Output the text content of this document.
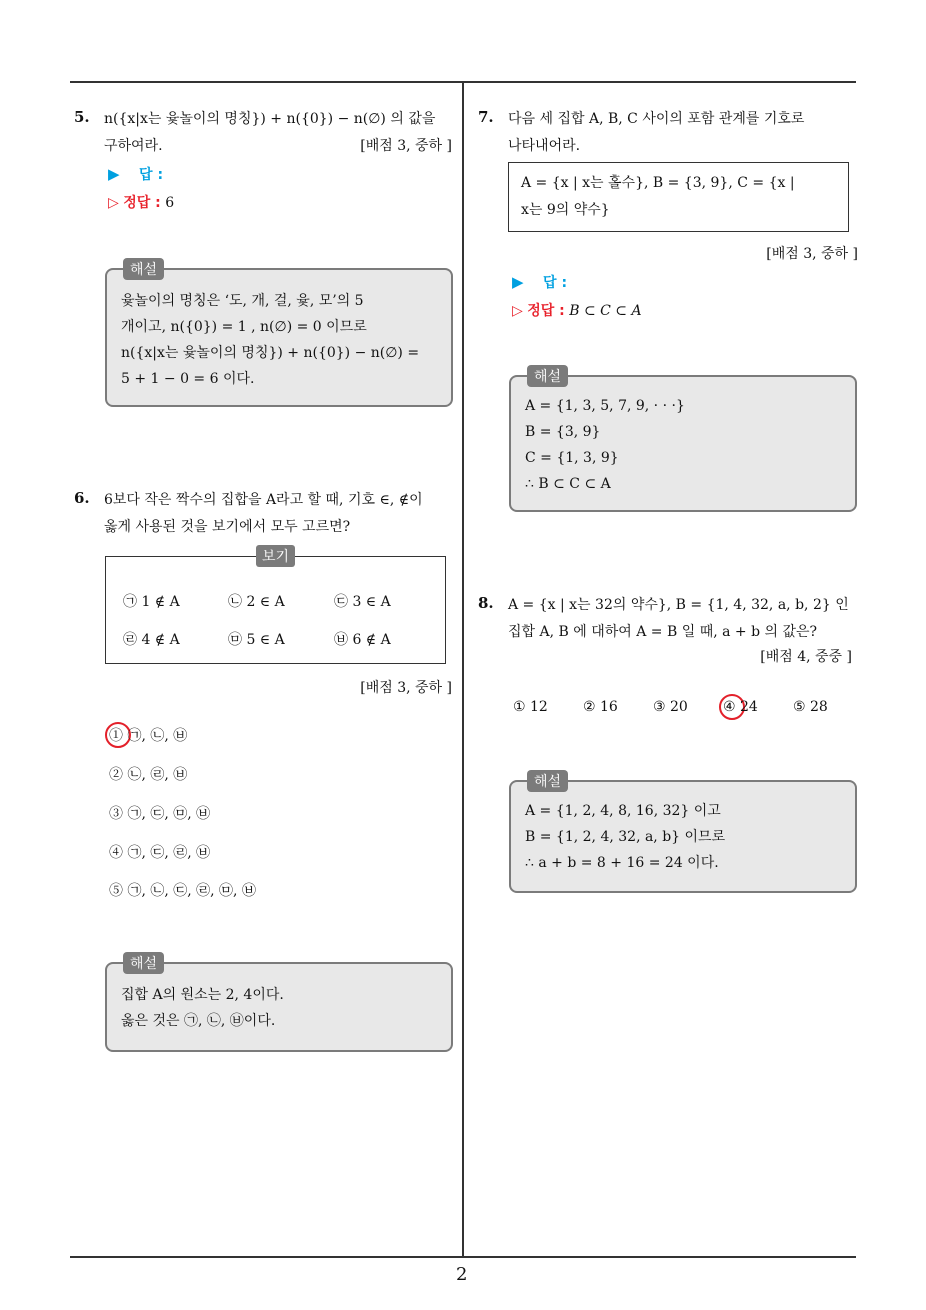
2
5. n({x|x는 윷놀이의 명칭}) + n({0}) − n(∅) 의 값을
구하여라.	[배점 3, 중하 ]
▶ 답 :
▷ 정답 : 6
해설
윷놀이의 명칭은 ‘도, 개, 걸, 윷, 모’의 5
개이고, n({0}) = 1 , n(∅) = 0 이므로
n({x|x는 윷놀이의 명칭}) + n({0}) − n(∅) =
5 + 1 − 0 = 6 이다.
6. 6보다 작은 짝수의 집합을 A라고 할 때, 기호 ∈, ∉이
옳게 사용된 것을 보기에서 모두 고르면?
보기
㉠ 1 ∉ A	㉡ 2 ∈ A	㉢ 3 ∈ A
㉣ 4 ∉ A	㉤ 5 ∈ A	㉥ 6 ∉ A
[배점 3, 중하 ]
① ㉠, ㉡, ㉥
② ㉡, ㉣, ㉥
③ ㉠, ㉢, ㉤, ㉥
④ ㉠, ㉢, ㉣, ㉥
⑤ ㉠, ㉡, ㉢, ㉣, ㉤, ㉥
해설
집합 A의 원소는 2, 4이다.
옳은 것은 ㉠, ㉡, ㉥이다.
7. 다음 세 집합 A, B, C 사이의 포함 관계를 기호로
나타내어라.
A = {x | x는 홀수}, B = {3, 9}, C = {x |
x는 9의 약수}
[배점 3, 중하 ]
▶ 답 :
▷ 정답 : B ⊂ C ⊂ A
해설
A = {1, 3, 5, 7, 9, · · ·}
B = {3, 9}
C = {1, 3, 9}
∴ B ⊂ C ⊂ A
8. A = {x | x는 32의 약수}, B = {1, 4, 32, a, b, 2} 인
집합 A, B 에 대하여 A = B 일 때, a + b 의 값은?
[배점 4, 중중 ]
① 12	② 16	③ 20	④ 24	⑤ 28
해설
A = {1, 2, 4, 8, 16, 32} 이고
B = {1, 2, 4, 32, a, b} 이므로
∴ a + b = 8 + 16 = 24 이다.
